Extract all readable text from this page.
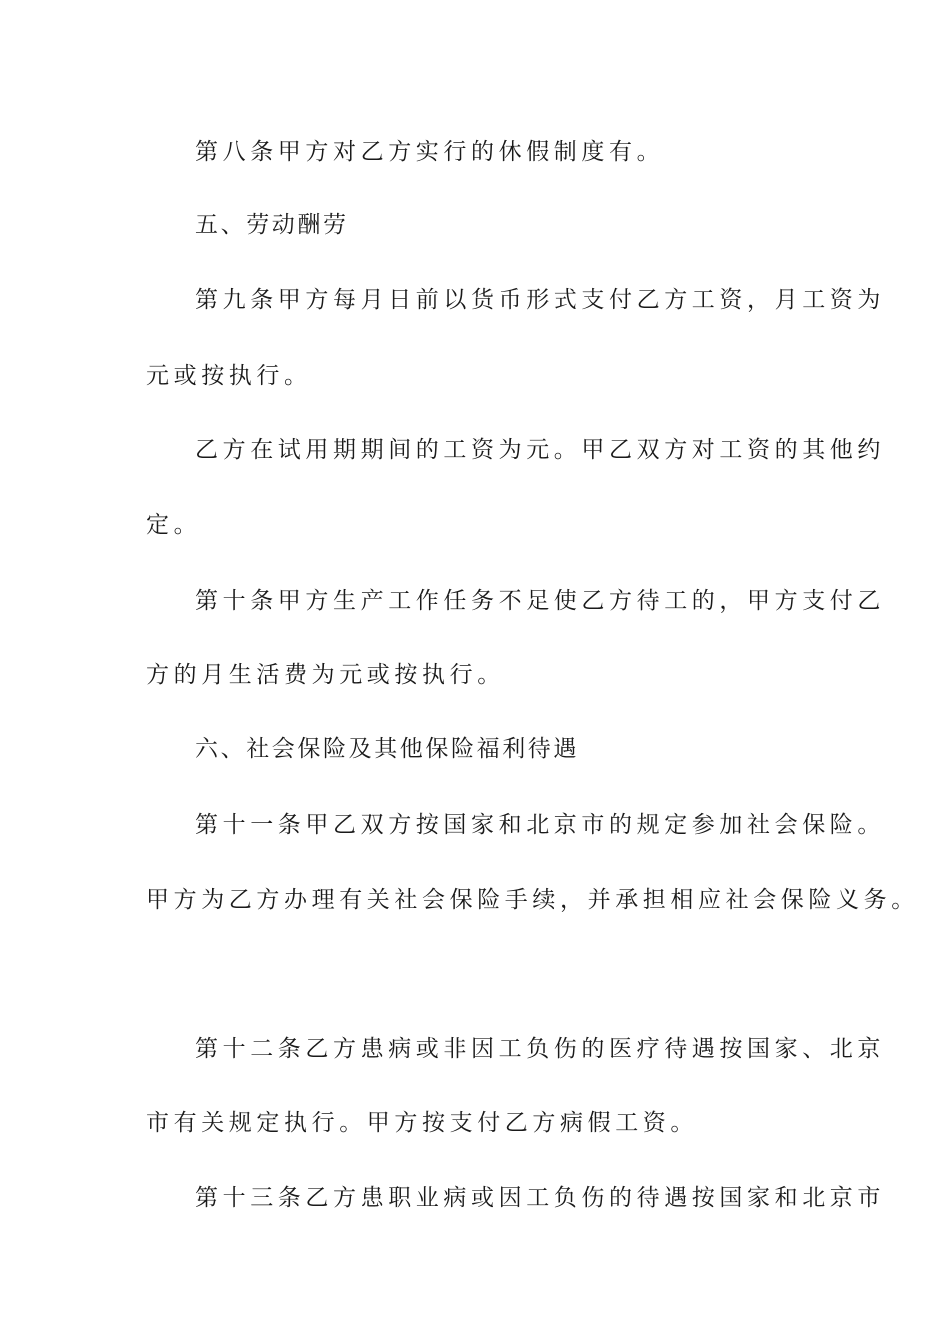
第八条甲方对乙方实行的休假制度有。
五、劳动酬劳
第九条甲方每月日前以货币形式支付乙方工资，月工资为
元或按执行。
乙方在试用期期间的工资为元。甲乙双方对工资的其他约
定。
第十条甲方生产工作任务不足使乙方待工的，甲方支付乙
方的月生活费为元或按执行。
六、社会保险及其他保险福利待遇
第十一条甲乙双方按国家和北京市的规定参加社会保险。
甲方为乙方办理有关社会保险手续，并承担相应社会保险义务。
第十二条乙方患病或非因工负伤的医疗待遇按国家、北京
市有关规定执行。甲方按支付乙方病假工资。
第十三条乙方患职业病或因工负伤的待遇按国家和北京市
